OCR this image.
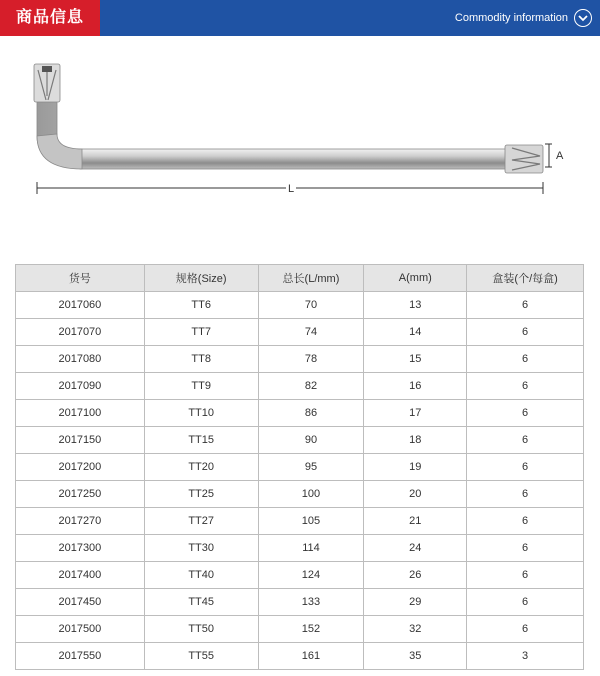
商品信息	Commodity information
L
A
货号	规格(Size)	总长(L/mm)	A(mm)	盒装(个/每盒)
2017060	TT6	70	13	6
2017070	TT7	74	14	6
2017080	TT8	78	15	6
2017090	TT9	82	16	6
2017100	TT10	86	17	6
2017150	TT15	90	18	6
2017200	TT20	95	19	6
2017250	TT25	100	20	6
2017270	TT27	105	21	6
2017300	TT30	114	24	6
2017400	TT40	124	26	6
2017450	TT45	133	29	6
2017500	TT50	152	32	6
2017550	TT55	161	35	3
